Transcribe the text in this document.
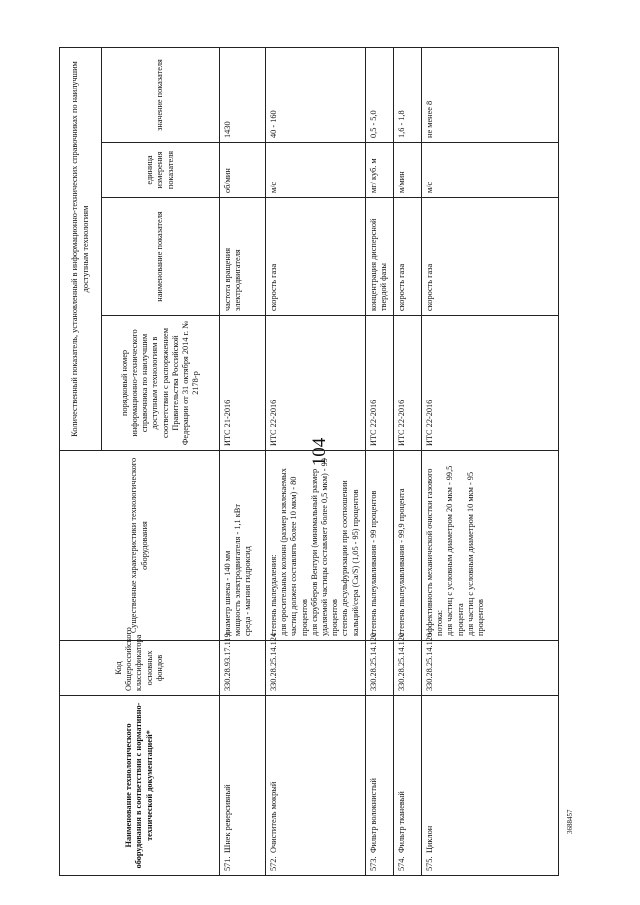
104
3688457
Наименование технологического оборудования в соответствии с нормативно-технической документацией*	Код Общероссийского классификатора основных фондов	Существенные характеристики технологического оборудования	Количественный показатель, установленный в информационно-технических справочниках по наилучшим доступным технологиям			
			порядковый номер информационно-технического справочника по наилучшим доступным технологиям в соответствии с распоряжением Правительства Российской Федерации от 31 октября 2014 г. № 2178-р	наименование показателя	единица измерения показателя	значение показателя
571.Шнек реверсивный	330.28.93.17.119	диаметр шнека - 140 мм мощность электродвигателя - 1,1 кВт среда - магния гидроксид	ИТС 21-2016	частота вращения электродвигателя	об/мин	1430
572.Очиститель мокрый	330.28.25.14.124	степень пылеудаления: для оросительных колонн (размер извлекаемых частиц должен составлять более 10 мкм) - 80 процентов для скрубберов Вентури (минимальный размер удаляемой частицы составляет более 0,5 мкм) - 99 процентов степень десульфуризации при соотношении кальций/сера (Ca/S) (1,05 - 95) процентов	ИТС 22-2016	скорость газа	м/с	40 - 160
573.Фильтр волокнистый	330.28.25.14.120	степень пылеулавливания - 99 процентов	ИТС 22-2016	концентрация дисперсной твердой фазы	мг/ куб. м	0,5 - 5,0
574.Фильтр тканевый	330.28.25.14.120	степень пылеулавливания - 99,9 процента	ИТС 22-2016	скорость газа	м/мин	1,6 - 1,8
575.Циклон	330.28.25.14.120	эффективность механической очистки газового потока: для частиц с условным диаметром 20 мкм - 99,5 процента для частиц с условным диаметром 10 мкм - 95 процентов	ИТС 22-2016	скорость газа	м/с	не менее 8
